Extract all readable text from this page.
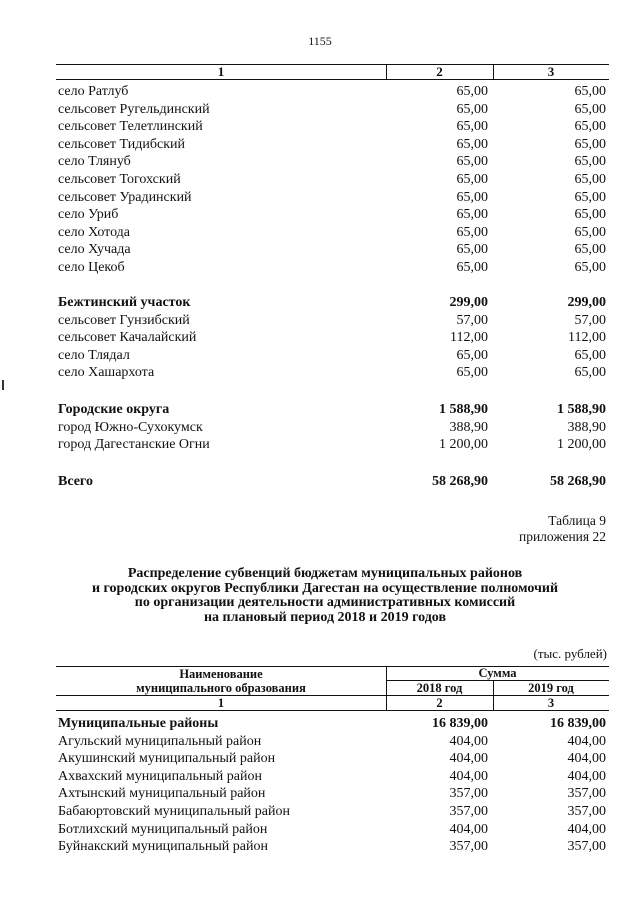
1155
1	2	3
село Ратлуб	65,00	65,00
сельсовет Ругельдинский	65,00	65,00
сельсовет Телетлинский	65,00	65,00
сельсовет Тидибский	65,00	65,00
село Тлянуб	65,00	65,00
сельсовет Тогохский	65,00	65,00
сельсовет Урадинский	65,00	65,00
село Уриб	65,00	65,00
село Хотода	65,00	65,00
село Хучада	65,00	65,00
село Цекоб	65,00	65,00
Бежтинский участок	299,00	299,00
сельсовет Гунзибский	57,00	57,00
сельсовет Качалайский	112,00	112,00
село Тлядал	65,00	65,00
село Хашархота	65,00	65,00
Городские округа	1 588,90	1 588,90
город Южно-Сухокумск	388,90	388,90
город Дагестанские Огни	1 200,00	1 200,00
Всего	58 268,90	58 268,90
Таблица 9
приложения 22
Распределение субвенций бюджетам муниципальных районов
и городских округов Республики Дагестан на осуществление полномочий
по организации деятельности административных комиссий
на плановый период 2018 и 2019 годов
(тыс. рублей)
Наименование
муниципального образования
Сумма
2018 год	2019 год
1	2	3
Муниципальные районы	16 839,00	16 839,00
Агульский муниципальный район	404,00	404,00
Акушинский муниципальный район	404,00	404,00
Ахвахский муниципальный район	404,00	404,00
Ахтынский муниципальный район	357,00	357,00
Бабаюртовский муниципальный район	357,00	357,00
Ботлихский муниципальный район	404,00	404,00
Буйнакский муниципальный район	357,00	357,00
